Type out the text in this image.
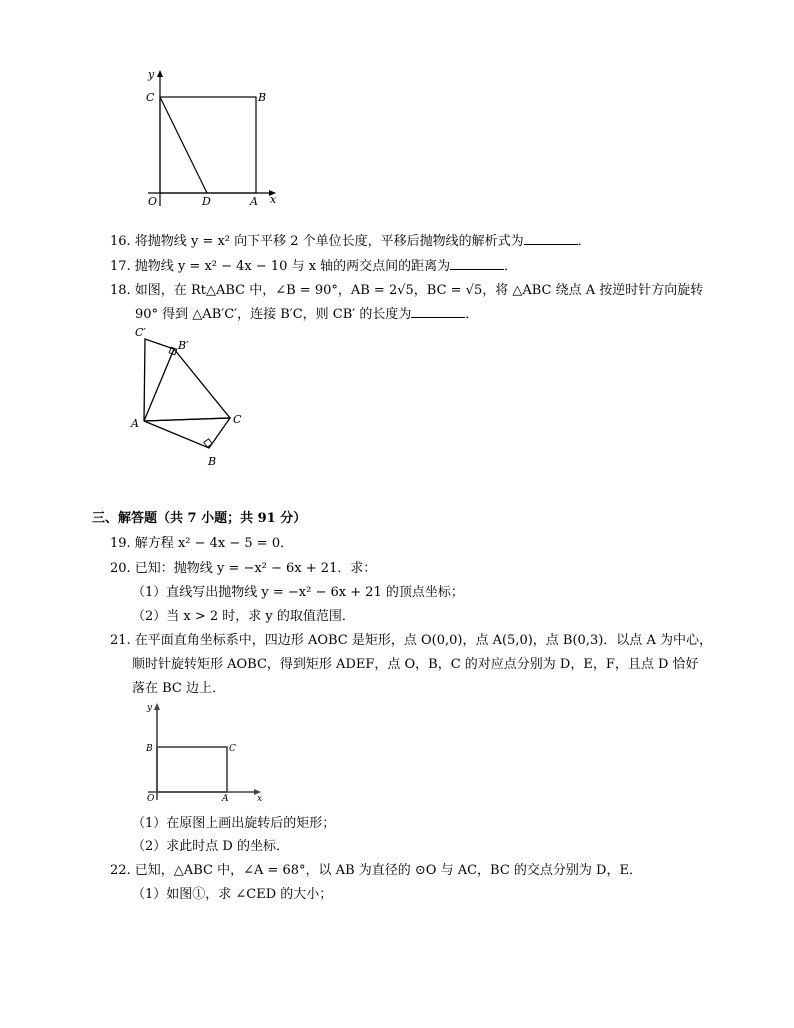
y
C	B
O	D	A x
16. 将抛物线 y = x² 向下平移 2 个单位长度，平移后抛物线的解析式为	．
17. 抛物线 y = x² − 4x − 10 与 x 轴的两交点间的距离为	．
18. 如图，在 Rt△ABC 中，∠B = 90°，AB = 2√5，BC = √5，将 △ABC 绕点 A 按逆时针方向旋转
90° 得到 △AB′C′，连接 B′C，则 CB′ 的长度为	．
C′
B′
A	C
B
三、解答题（共 7 小题；共 91 分）
19. 解方程 x² − 4x − 5 = 0．
20. 已知：抛物线 y = −x² − 6x + 21．求：
（1）直线写出抛物线 y = −x² − 6x + 21 的顶点坐标；
（2）当 x > 2 时，求 y 的取值范围．
21. 在平面直角坐标系中，四边形 AOBC 是矩形，点 O(0,0)，点 A(5,0)，点 B(0,3)．以点 A 为中心，
顺时针旋转矩形 AOBC，得到矩形 ADEF，点 O，B，C 的对应点分别为 D，E，F，且点 D 恰好
落在 BC 边上．
y
B	C
O	A	x
（1）在原图上画出旋转后的矩形；
（2）求此时点 D 的坐标．
22. 已知，△ABC 中，∠A = 68°，以 AB 为直径的 ⊙O 与 AC，BC 的交点分别为 D，E．
（1）如图①，求 ∠CED 的大小；
